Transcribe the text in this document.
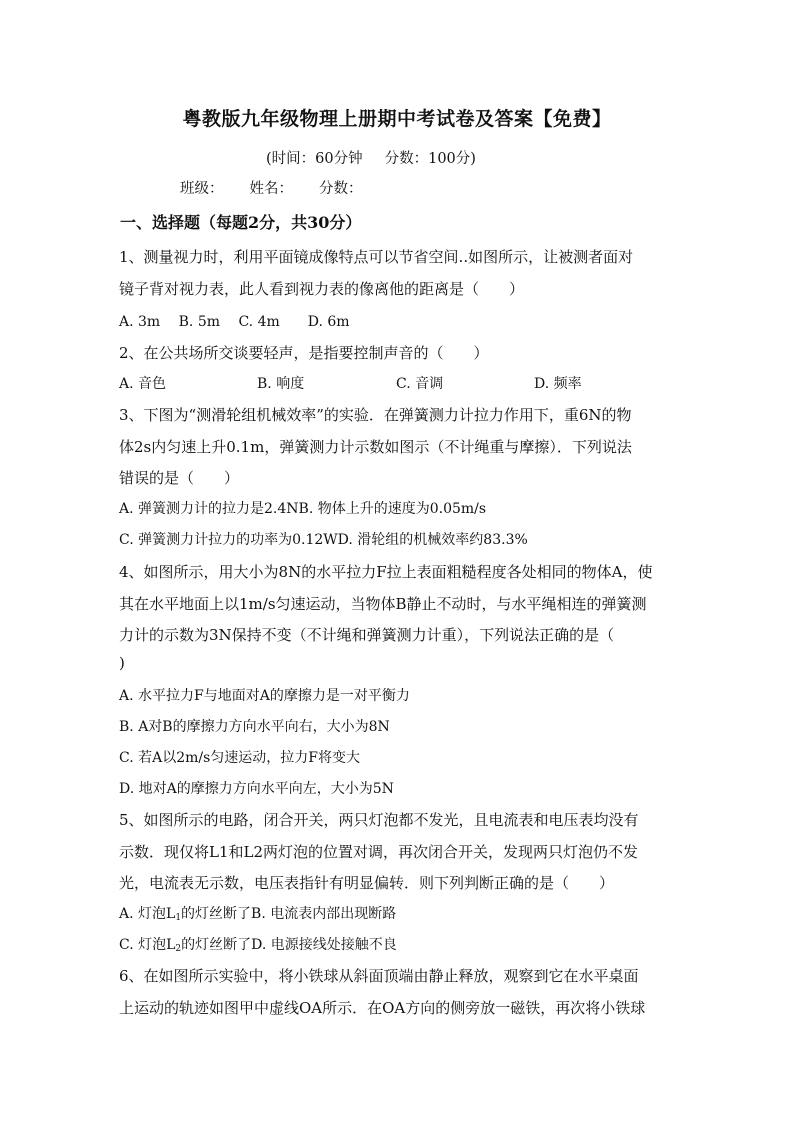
粤教版九年级物理上册期中考试卷及答案【免费】
(时间：60分钟 分数：100分)
班级： 姓名： 分数：
一、选择题（每题2分，共30分）
1、测量视力时，利用平面镜成像特点可以节省空间..如图所示，让被测者面对
镜子背对视力表，此人看到视力表的像离他的距离是（　　）
A. 3m　 B. 5m　 C. 4m　　D. 6m
2、在公共场所交谈要轻声，是指要控制声音的（　　）
A. 音色	B. 响度	C. 音调	D. 频率
3、下图为“测滑轮组机械效率”的实验．在弹簧测力计拉力作用下，重6N的物
体2s内匀速上升0.1m，弹簧测力计示数如图示（不计绳重与摩擦）．下列说法
错误的是（　　）
A. 弹簧测力计的拉力是2.4NB. 物体上升的速度为0.05m/s
C. 弹簧测力计拉力的功率为0.12WD. 滑轮组的机械效率约83.3%
4、如图所示，用大小为8N的水平拉力F拉上表面粗糙程度各处相同的物体A，使
其在水平地面上以1m/s匀速运动，当物体B静止不动时，与水平绳相连的弹簧测
力计的示数为3N保持不变（不计绳和弹簧测力计重），下列说法正确的是（
)
A. 水平拉力F与地面对A的摩擦力是一对平衡力
B. A对B的摩擦力方向水平向右，大小为8N
C. 若A以2m/s匀速运动，拉力F将变大
D. 地对A的摩擦力方向水平向左，大小为5N
5、如图所示的电路，闭合开关，两只灯泡都不发光，且电流表和电压表均没有
示数．现仅将L1和L2两灯泡的位置对调，再次闭合开关，发现两只灯泡仍不发
光，电流表无示数，电压表指针有明显偏转．则下列判断正确的是（　　）
A. 灯泡$L_1$的灯丝断了B. 电流表内部出现断路
C. 灯泡$L_2$的灯丝断了D. 电源接线处接触不良
6、在如图所示实验中，将小铁球从斜面顶端由静止释放，观察到它在水平桌面
上运动的轨迹如图甲中虚线OA所示．在OA方向的侧旁放一磁铁，再次将小铁球
